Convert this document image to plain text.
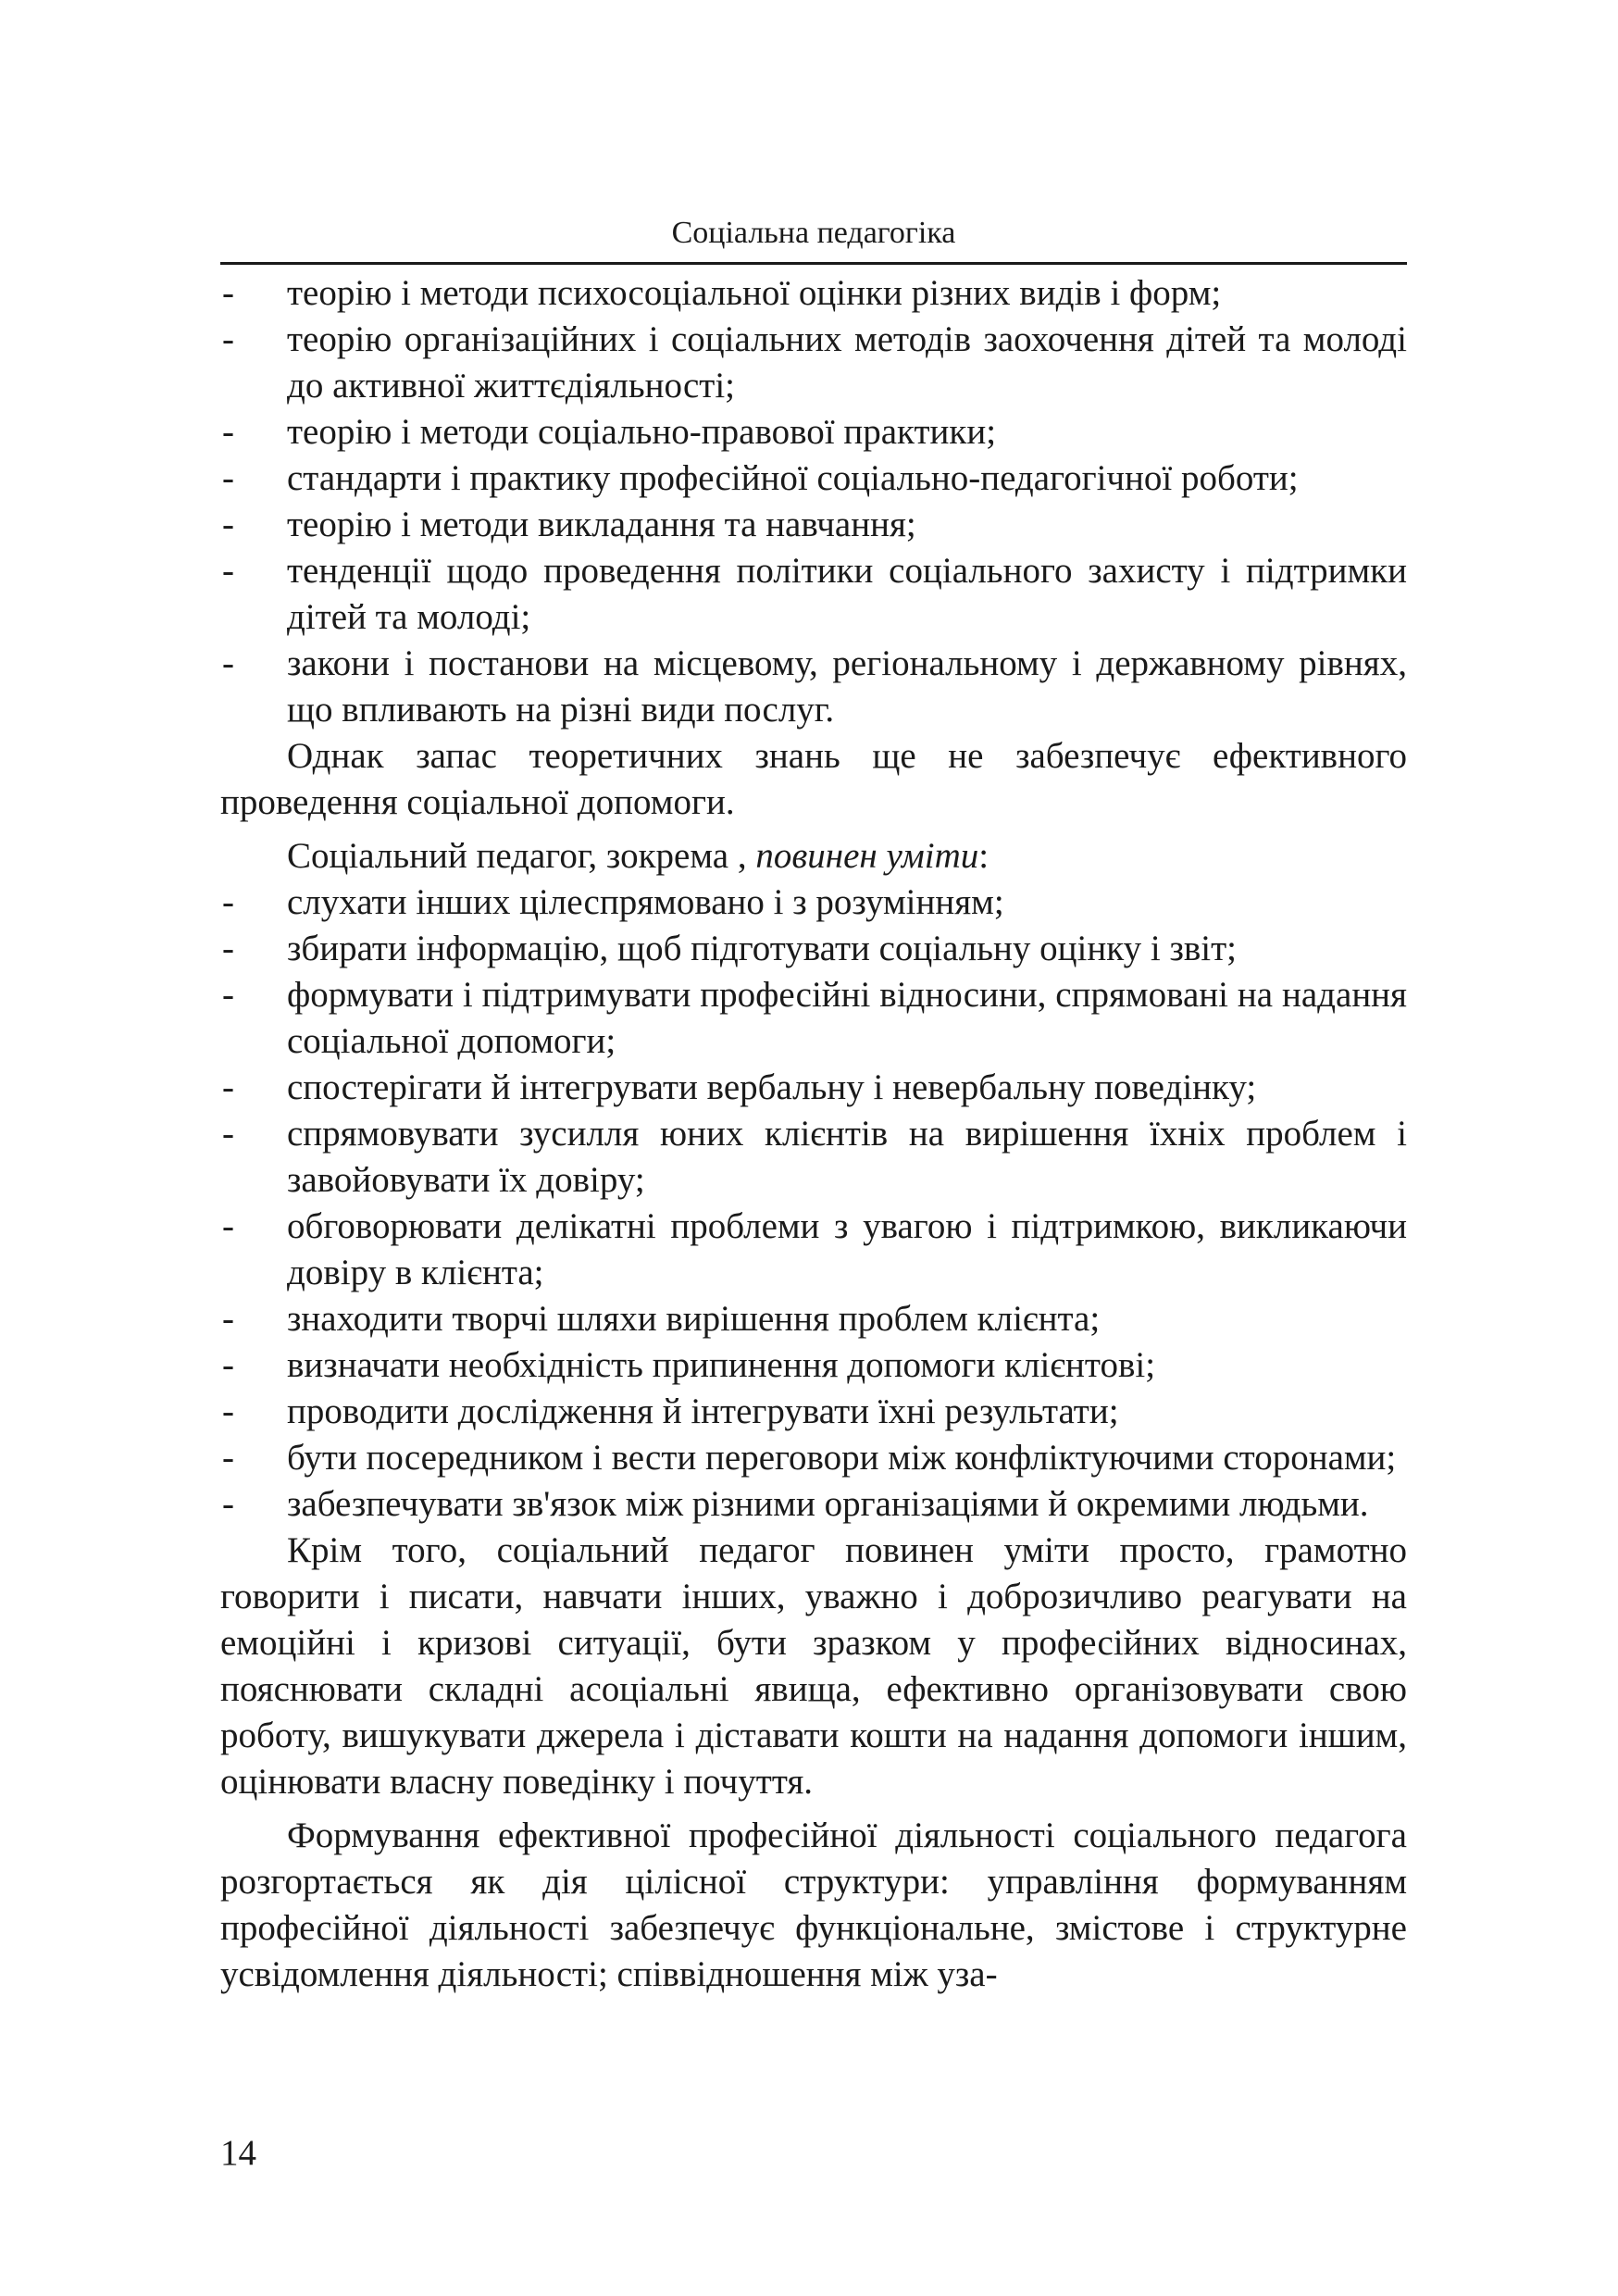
Соціальна педагогіка
- теорію і методи психосоціальної оцінки різних видів і форм;
- теорію організаційних і соціальних методів заохочення дітей та молоді до активної життєдіяльності;
- теорію і методи соціально-правової практики;
- стандарти і практику професійної соціально-педагогічної роботи;
- теорію і методи викладання та навчання;
- тенденції щодо проведення політики соціального захисту і підтримки дітей та молоді;
- закони і постанови на місцевому, регіональному і державному рівнях, що впливають на різні види послуг.
Однак запас теоретичних знань ще не забезпечує ефективного проведення соціальної допомоги.
Соціальний педагог, зокрема , повинен уміти:
- слухати інших цілеспрямовано і з розумінням;
- збирати інформацію, щоб підготувати соціальну оцінку і звіт;
- формувати і підтримувати професійні відносини, спрямовані на надання соціальної допомоги;
- спостерігати й інтегрувати вербальну і невербальну поведінку;
- спрямовувати зусилля юних клієнтів на вирішення їхніх проблем і завойовувати їх довіру;
- обговорювати делікатні проблеми з увагою і підтримкою, викликаючи довіру в клієнта;
- знаходити творчі шляхи вирішення проблем клієнта;
- визначати необхідність припинення допомоги клієнтові;
- проводити дослідження й інтегрувати їхні результати;
- бути посередником і вести переговори між конфліктуючими сторонами;
- забезпечувати зв'язок між різними організаціями й окремими людьми.
Крім того, соціальний педагог повинен уміти просто, грамотно говорити і писати, навчати інших, уважно і доброзичливо реагувати на емоційні і кризові ситуації, бути зразком у професійних відносинах, пояснювати складні асоціальні явища, ефективно організовувати свою роботу, вишукувати джерела і діставати кошти на надання допомоги іншим, оцінювати власну поведінку і почуття.
Формування ефективної професійної діяльності соціального педагога розгортається як дія цілісної структури: управління формуванням професійної діяльності забезпечує функціональне, змістове і структурне усвідомлення діяльності; співвідношення між уза-
14
